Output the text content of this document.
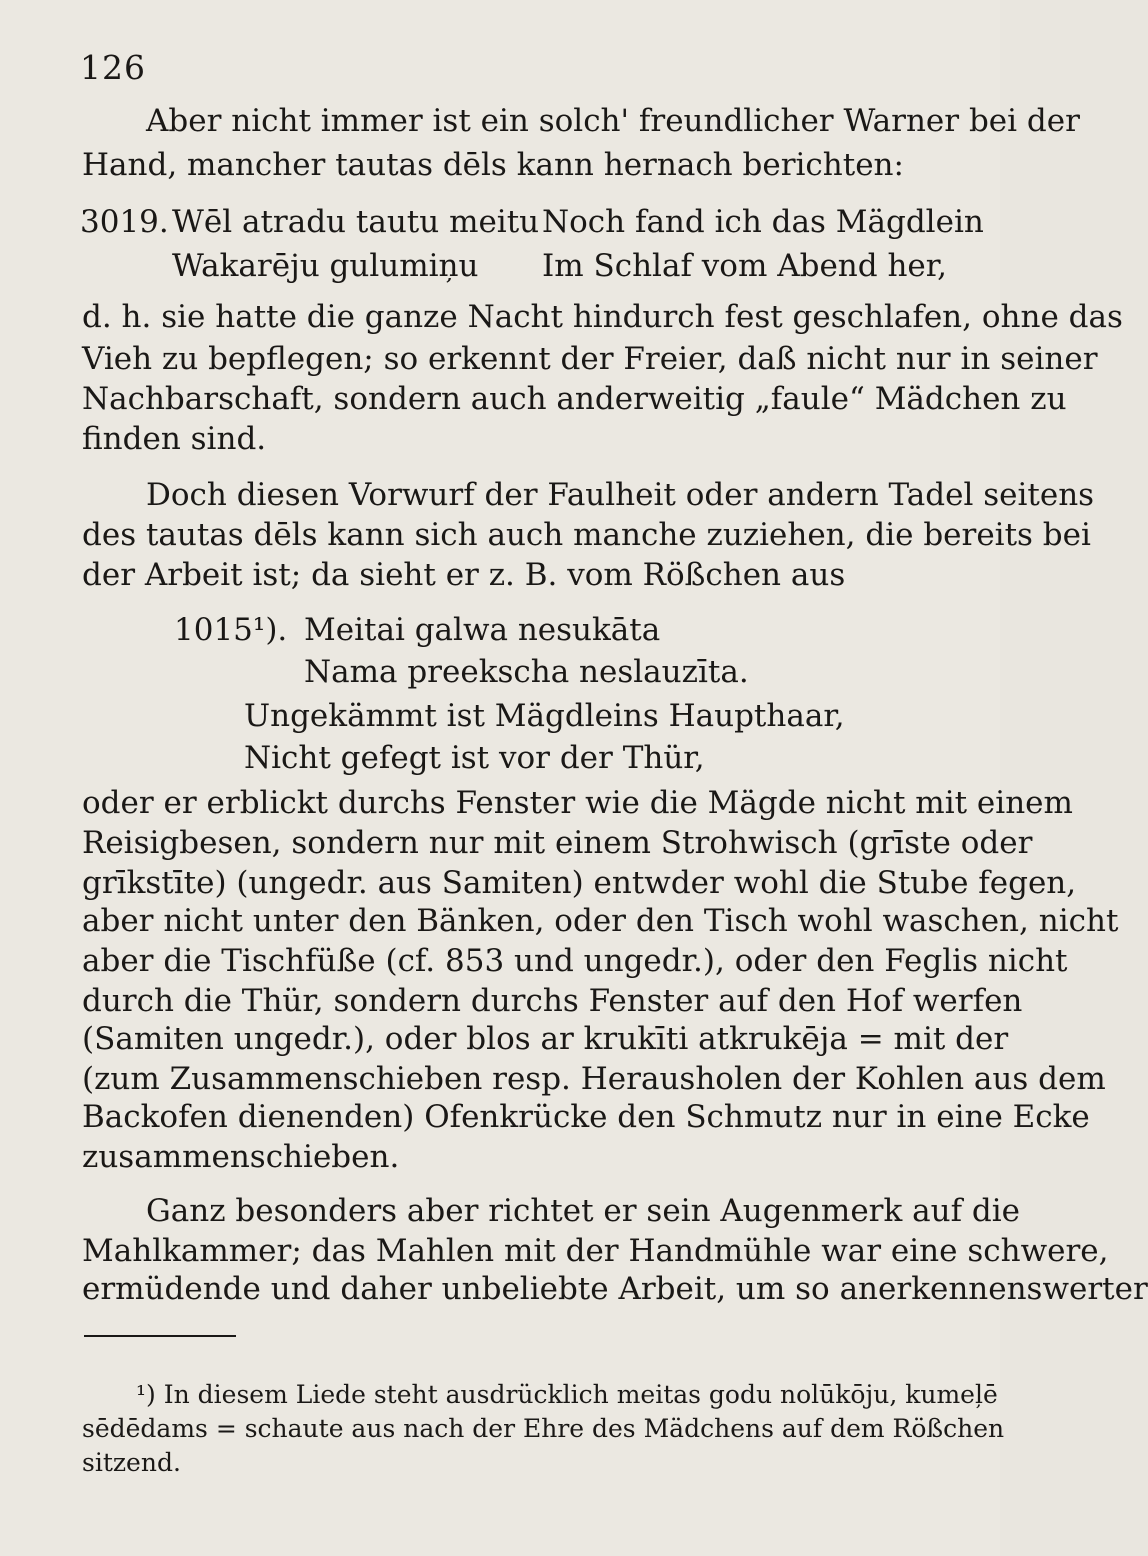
126
Aber nicht immer ist ein solch' freundlicher Warner bei der
Hand, mancher tautas dēls kann hernach berichten:
3019. Wēl atradu tautu meitu
Wakarēju gulumiņu
Noch fand ich das Mägdlein
Im Schlaf vom Abend her,
d. h. sie hatte die ganze Nacht hindurch fest geschlafen, ohne das
Vieh zu bepflegen; so erkennt der Freier, daß nicht nur in seiner
Nachbarschaft, sondern auch anderweitig „faule“ Mädchen zu
finden sind.
Doch diesen Vorwurf der Faulheit oder andern Tadel seitens
des tautas dēls kann sich auch manche zuziehen, die bereits bei
der Arbeit ist; da sieht er z. B. vom Rößchen aus
1015¹). Meitai galwa nesukāta
Nama preekscha neslauzīta.
Ungekämmt ist Mägdleins Haupthaar,
Nicht gefegt ist vor der Thür,
oder er erblickt durchs Fenster wie die Mägde nicht mit einem
Reisigbesen, sondern nur mit einem Strohwisch (grīste oder
grīkstīte) (ungedr. aus Samiten) entwder wohl die Stube fegen,
aber nicht unter den Bänken, oder den Tisch wohl waschen, nicht
aber die Tischfüße (cf. 853 und ungedr.), oder den Feglis nicht
durch die Thür, sondern durchs Fenster auf den Hof werfen
(Samiten ungedr.), oder blos ar krukīti atkrukēja = mit der
(zum Zusammenschieben resp. Herausholen der Kohlen aus dem
Backofen dienenden) Ofenkrücke den Schmutz nur in eine Ecke
zusammenschieben.
Ganz besonders aber richtet er sein Augenmerk auf die
Mahlkammer; das Mahlen mit der Handmühle war eine schwere,
ermüdende und daher unbeliebte Arbeit, um so anerkennenswerter
¹) In diesem Liede steht ausdrücklich meitas godu nolūkōju, kumeļē
sēdēdams = schaute aus nach der Ehre des Mädchens auf dem Rößchen
sitzend.
